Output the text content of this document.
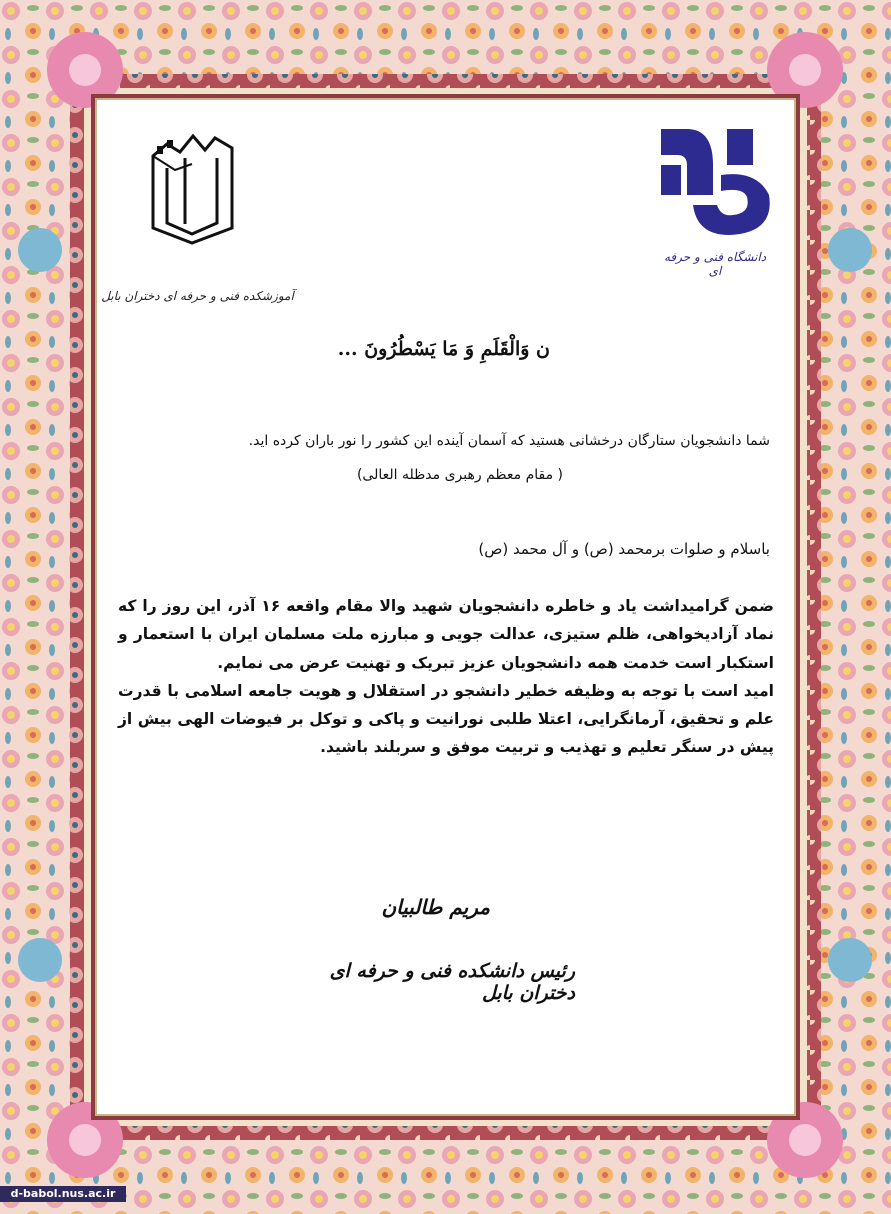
آموزشکده فنی و حرفه ای دختران بابل
دانشگاه فنی و حرفه ای
ن وَالْقَلَمِ وَ مَا یَسْطُرُونَ ...
شما دانشجویان ستارگان درخشانی هستید که آسمان آینده این کشور را نور باران کرده اید.
( مقام معظم رهبری مدظله العالی)
باسلام و صلوات برمحمد (ص) و آل محمد (ص)

ضمن گرامیداشت یاد و خاطره دانشجویان شهید والا مقام واقعه ۱۶ آذر، این روز را که نماد آزادیخواهی، ظلم ستیزی، عدالت جویی و مبارزه ملت مسلمان ایران با استعمار و استکبار است خدمت همه دانشجویان عزیز تبریک و تهنیت عرض می نمایم.

امید است با توجه به وظیفه خطیر دانشجو در استقلال و هویت جامعه اسلامی با قدرت علم و تحقیق، آرمانگرایی، اعتلا طلبی نورانیت و پاکی و توکل بر فیوضات الهی بیش از پیش در سنگر تعلیم و تهذیب و تربیت موفق و سربلند باشید.

مریم طالبیان
رئیس دانشکده فنی و حرفه ای دختران بابل
d-babol.nus.ac.ir
